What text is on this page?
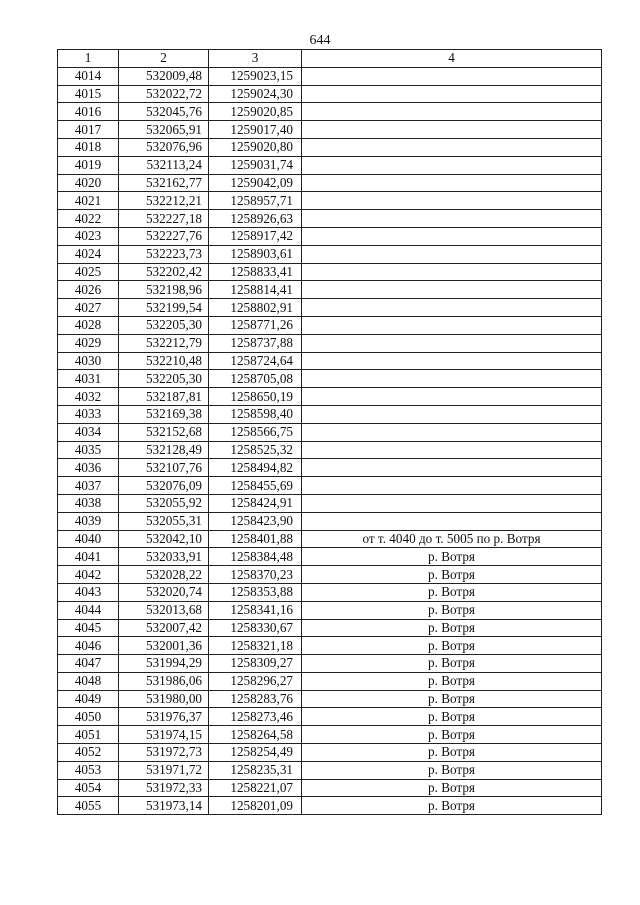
644
1	2	3	4
4014	532009,48	1259023,15	
4015	532022,72	1259024,30	
4016	532045,76	1259020,85	
4017	532065,91	1259017,40	
4018	532076,96	1259020,80	
4019	532113,24	1259031,74	
4020	532162,77	1259042,09	
4021	532212,21	1258957,71	
4022	532227,18	1258926,63	
4023	532227,76	1258917,42	
4024	532223,73	1258903,61	
4025	532202,42	1258833,41	
4026	532198,96	1258814,41	
4027	532199,54	1258802,91	
4028	532205,30	1258771,26	
4029	532212,79	1258737,88	
4030	532210,48	1258724,64	
4031	532205,30	1258705,08	
4032	532187,81	1258650,19	
4033	532169,38	1258598,40	
4034	532152,68	1258566,75	
4035	532128,49	1258525,32	
4036	532107,76	1258494,82	
4037	532076,09	1258455,69	
4038	532055,92	1258424,91	
4039	532055,31	1258423,90	
4040	532042,10	1258401,88	от т. 4040 до т. 5005 по р. Вотря
4041	532033,91	1258384,48	р. Вотря
4042	532028,22	1258370,23	р. Вотря
4043	532020,74	1258353,88	р. Вотря
4044	532013,68	1258341,16	р. Вотря
4045	532007,42	1258330,67	р. Вотря
4046	532001,36	1258321,18	р. Вотря
4047	531994,29	1258309,27	р. Вотря
4048	531986,06	1258296,27	р. Вотря
4049	531980,00	1258283,76	р. Вотря
4050	531976,37	1258273,46	р. Вотря
4051	531974,15	1258264,58	р. Вотря
4052	531972,73	1258254,49	р. Вотря
4053	531971,72	1258235,31	р. Вотря
4054	531972,33	1258221,07	р. Вотря
4055	531973,14	1258201,09	р. Вотря
